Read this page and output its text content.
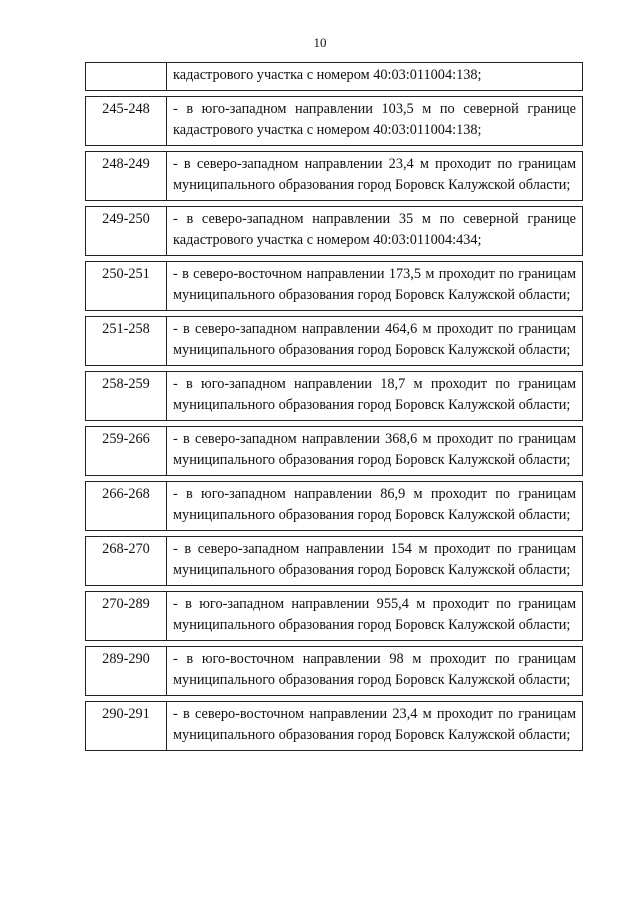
10
	кадастрового участка с номером 40:03:011004:138;

245-248	- в юго-западном направлении 103,5 м по северной границе кадастрового участка с номером 40:03:011004:138;

248-249	- в северо-западном направлении 23,4 м проходит по границам муниципального образования город Боровск Калужской области;

249-250	- в северо-западном направлении 35 м по северной границе кадастрового участка с номером 40:03:011004:434;

250-251	- в северо-восточном направлении 173,5 м проходит по границам муниципального образования город Боровск Калужской области;

251-258	- в северо-западном направлении 464,6 м проходит по границам муниципального образования город Боровск Калужской области;

258-259	- в юго-западном направлении 18,7 м проходит по границам муниципального образования город Боровск Калужской области;

259-266	- в северо-западном направлении 368,6 м проходит по границам муниципального образования город Боровск Калужской области;

266-268	- в юго-западном направлении 86,9 м проходит по границам муниципального образования город Боровск Калужской области;

268-270	- в северо-западном направлении 154 м проходит по границам муниципального образования город Боровск Калужской области;

270-289	- в юго-западном направлении 955,4 м проходит по границам муниципального образования город Боровск Калужской области;

289-290	- в юго-восточном направлении 98 м проходит по границам муниципального образования город Боровск Калужской области;

290-291	- в северо-восточном направлении 23,4 м проходит по границам муниципального образования город Боровск Калужской области;
